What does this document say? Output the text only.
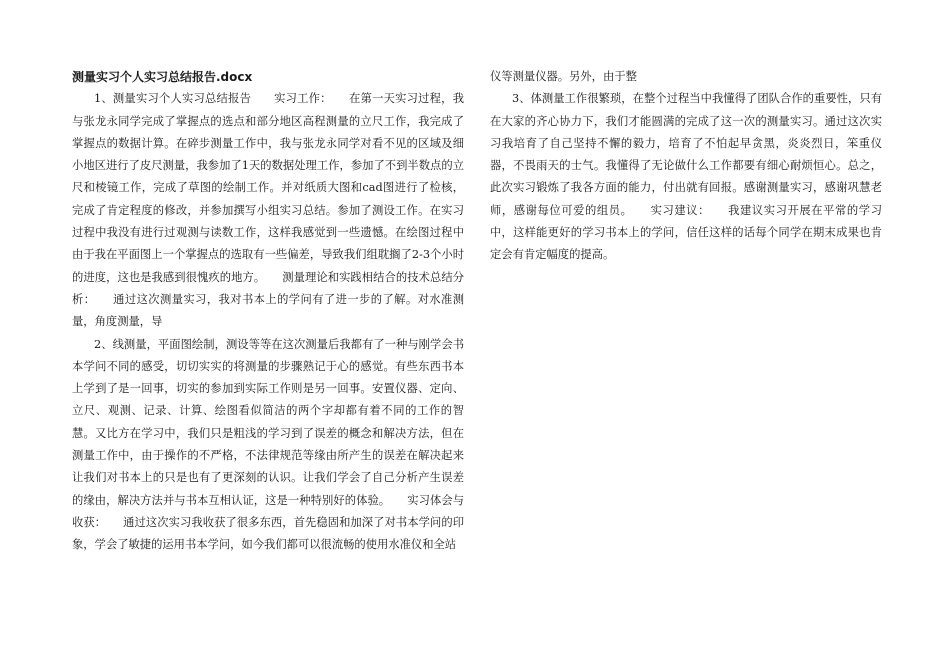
测量实习个人实习总结报告.docx

1、测量实习个人实习总结报告　　实习工作：　　在第一天实习过程，我与张龙永同学完成了掌握点的选点和部分地区高程测量的立尺工作，我完成了掌握点的数据计算。在碎步测量工作中，我与张龙永同学对看不见的区域及细小地区进行了皮尺测量，我参加了1天的数据处理工作，参加了不到半数点的立尺和棱镜工作，完成了草图的绘制工作。并对纸质大图和cad图进行了检核，完成了肯定程度的修改，并参加撰写小组实习总结。参加了测设工作。在实习过程中我没有进行过观测与读数工作，这样我感觉到一些遗憾。在绘图过程中由于我在平面图上一个掌握点的选取有一些偏差，导致我们组耽搁了2-3个小时的进度，这也是我感到很愧疚的地方。　　测量理论和实践相结合的技术总结分析：　　通过这次测量实习，我对书本上的学问有了进一步的了解。对水准测量，角度测量，导

2、线测量，平面图绘制，测设等等在这次测量后我都有了一种与刚学会书本学问不同的感受，切切实实的将测量的步骤熟记于心的感觉。有些东西书本上学到了是一回事，切实的参加到实际工作则是另一回事。安置仪器、定向、立尺、观测、记录、计算、绘图看似简洁的两个字却都有着不同的工作的智慧。又比方在学习中，我们只是粗浅的学习到了误差的概念和解决方法，但在测量工作中，由于操作的不严格，不法律规范等缘由所产生的误差在解决起来让我们对书本上的只是也有了更深刻的认识。让我们学会了自己分析产生误差的缘由，解决方法并与书本互相认证，这是一种特别好的体验。　　实习体会与收获：　　通过这次实习我收获了很多东西，首先稳固和加深了对书本学问的印象，学会了敏捷的运用书本学问，如今我们都可以很流畅的使用水准仪和全站

仪等测量仪器。另外，由于整

3、体测量工作很繁琐，在整个过程当中我懂得了团队合作的重要性，只有在大家的齐心协力下，我们才能圆满的完成了这一次的测量实习。通过这次实习我培育了自己坚持不懈的毅力，培育了不怕起早贪黑，炎炎烈日，笨重仪器，不畏雨天的士气。我懂得了无论做什么工作都要有细心耐烦恒心。总之，此次实习锻炼了我各方面的能力，付出就有回报。感谢测量实习，感谢巩慧老师，感谢每位可爱的组员。　　实习建议：　　我建议实习开展在平常的学习中，这样能更好的学习书本上的学问，信任这样的话每个同学在期末成果也肯定会有肯定幅度的提高。
